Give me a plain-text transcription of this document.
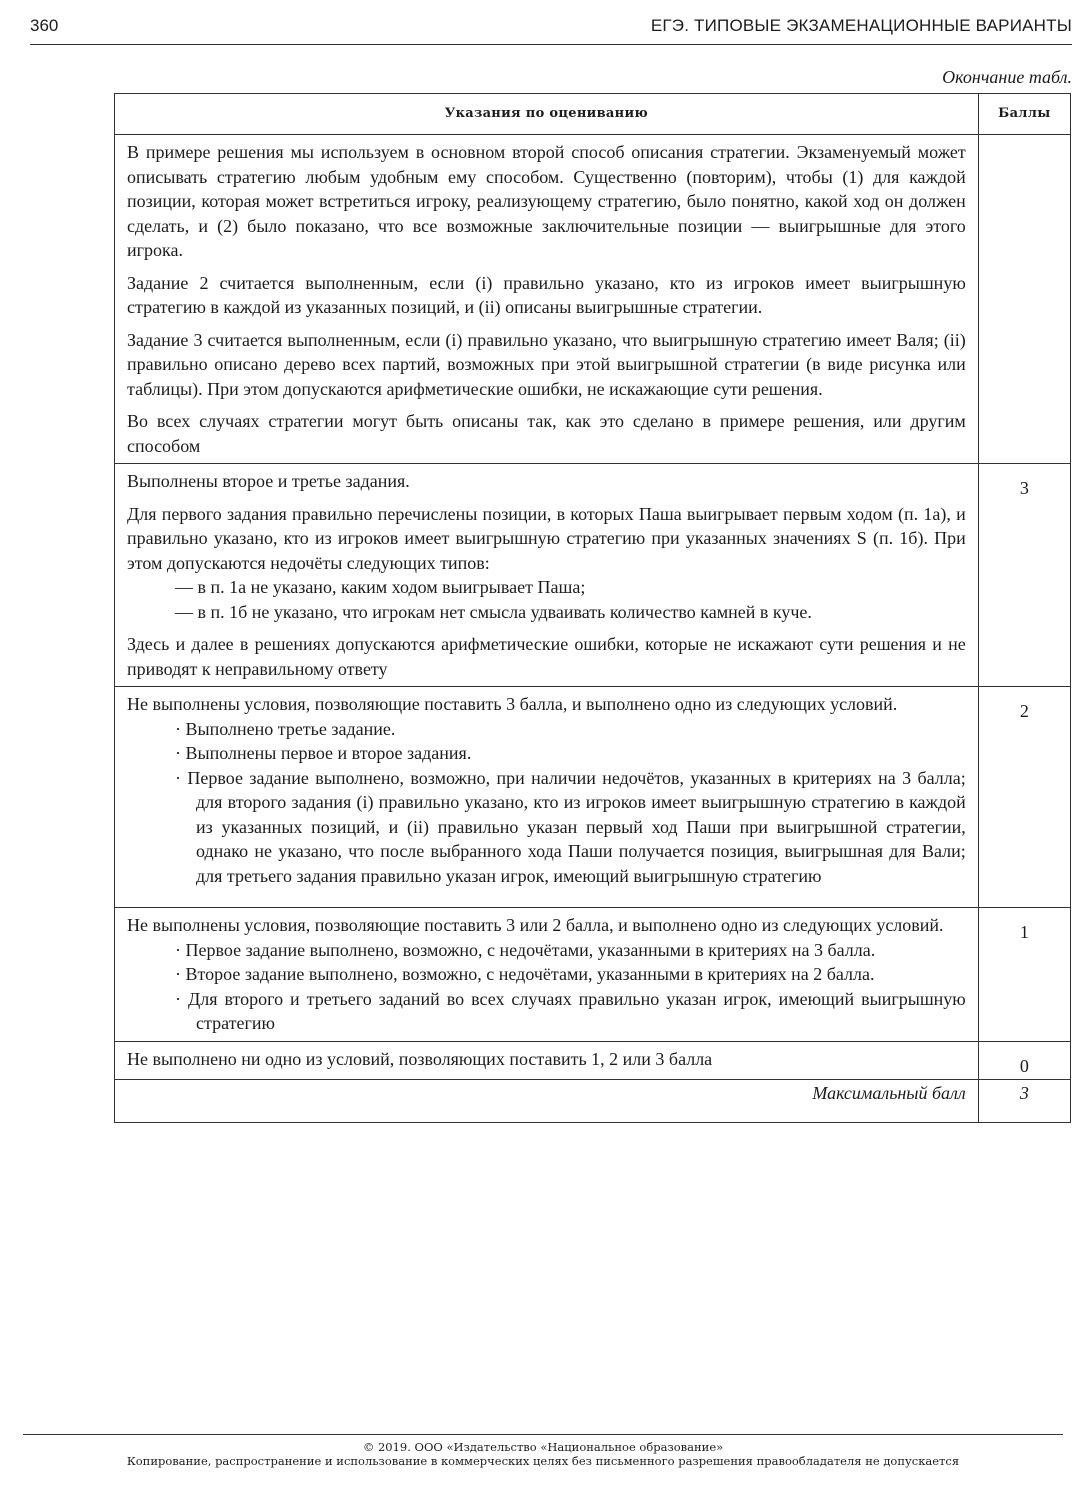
360	ЕГЭ. ТИПОВЫЕ ЭКЗАМЕНАЦИОННЫЕ ВАРИАНТЫ
Окончание табл.
Указания по оцениванию	Баллы

В примере решения мы используем в основном второй способ описания стратегии. Экзаменуемый может описывать стратегию любым удобным ему способом. Существенно (повторим), чтобы (1) для каждой позиции, которая может встретиться игроку, реализующему стратегию, было понятно, какой ход он должен сделать, и (2) было показано, что все возможные заключительные позиции — выигрышные для этого игрока.

Задание 2 считается выполненным, если (i) правильно указано, кто из игроков имеет выигрышную стратегию в каждой из указанных позиций, и (ii) описаны выигрышные стратегии.

Задание 3 считается выполненным, если (i) правильно указано, что выигрышную стратегию имеет Валя; (ii) правильно описано дерево всех партий, возможных при этой выигрышной стратегии (в виде рисунка или таблицы). При этом допускаются арифметические ошибки, не искажающие сути решения.

Во всех случаях стратегии могут быть описаны так, как это сделано в примере решения, или другим способом	

Выполнены второе и третье задания.

Для первого задания правильно перечислены позиции, в которых Паша выигрывает первым ходом (п. 1а), и правильно указано, кто из игроков имеет выигрышную стратегию при указанных значениях S (п. 1б). При этом допускаются недочёты следующих типов:

— в п. 1а не указано, каким ходом выигрывает Паша;

— в п. 1б не указано, что игрокам нет смысла удваивать количество камней в куче.

Здесь и далее в решениях допускаются арифметические ошибки, которые не искажают сути решения и не приводят к неправильному ответу	3

Не выполнены условия, позволяющие поставить 3 балла, и выполнено одно из следующих условий.

· Выполнено третье задание.

· Выполнены первое и второе задания.

· Первое задание выполнено, возможно, при наличии недочётов, указанных в критериях на 3 балла; для второго задания (i) правильно указано, кто из игроков имеет выигрышную стратегию в каждой из указанных позиций, и (ii) правильно указан первый ход Паши при выигрышной стратегии, однако не указано, что после выбранного хода Паши получается позиция, выигрышная для Вали; для третьего задания правильно указан игрок, имеющий выигрышную стратегию	2

Не выполнены условия, позволяющие поставить 3 или 2 балла, и выполнено одно из следующих условий.

· Первое задание выполнено, возможно, с недочётами, указанными в критериях на 3 балла.

· Второе задание выполнено, возможно, с недочётами, указанными в критериях на 2 балла.

· Для второго и третьего заданий во всех случаях правильно указан игрок, имеющий выигрышную стратегию	1

Не выполнено ни одно из условий, позволяющих поставить 1, 2 или 3 балла	0
Максимальный балл	3
© 2019. ООО «Издательство «Национальное образование»
Копирование, распространение и использование в коммерческих целях без письменного разрешения правообладателя не допускается
